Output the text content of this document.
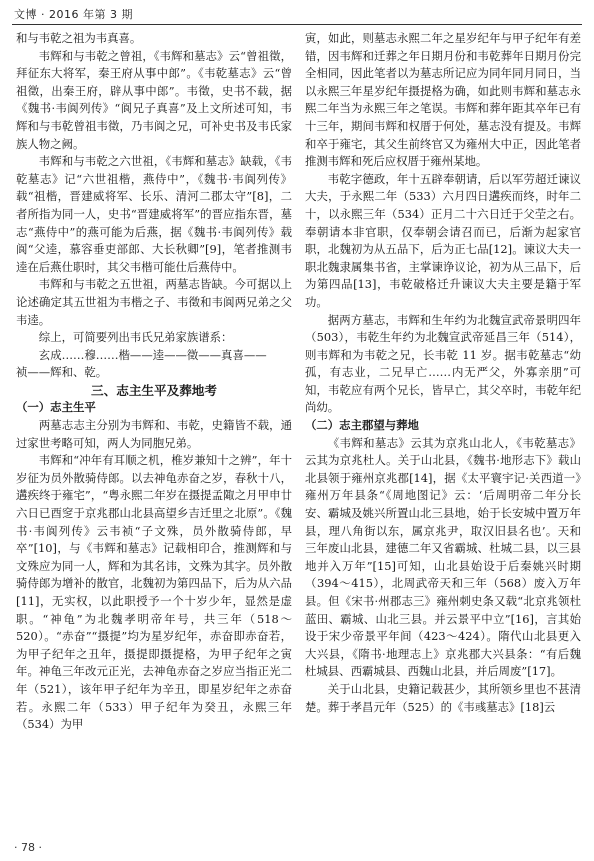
文博 · 2016 年第 3 期

和与韦乾之祖为韦真喜。

韦辉和与韦乾之曾祖，《韦辉和墓志》云“曾祖徵，拜征东大将军，秦王府从事中郎”。《韦乾墓志》云“曾祖徵，出秦王府，辟从事中郎”。韦徵，史书不载，据《魏书·韦阆列传》“阆兄子真喜”及上文所述可知，韦辉和与韦乾曾祖韦徵，乃韦阆之兄，可补史书及韦氏家族人物之阙。

韦辉和与韦乾之六世祖，《韦辉和墓志》缺载，《韦乾墓志》记“六世祖楷，燕侍中”，《魏书·韦阆列传》载“祖楷，晋建威将军、长乐、清河二郡太守”[8]，二者所指为同一人，史书“晋建威将军”的晋应指东晋，墓志“燕侍中”的燕可能为后燕，据《魏书·韦阆列传》载阆“父逵，慕容垂吏部郎、大长秋卿”[9]，笔者推测韦逵在后燕仕职时，其父韦楷可能仕后燕侍中。

韦辉和与韦乾之五世祖，两墓志皆缺。今可据以上论述确定其五世祖为韦楷之子、韦徵和韦阆两兄弟之父韦逵。

综上，可简要列出韦氏兄弟家族谱系：

玄成……穆……楷——逵——徵——真喜——

祯——辉和、乾。

三、志主生平及葬地考

（一）志主生平

两墓志志主分别为韦辉和、韦乾，史籍皆不载，通过家世考略可知，两人为同胞兄弟。

韦辉和“冲年有耳顺之机，椎岁兼知十之辨”，年十岁征为员外散骑侍郎。以去神龟赤奋之岁，春秋十八，遘疾终于雍宅”，“粤永熙二年岁在摄提孟陬之月甲申廿六日已酉窆于京兆郡山北县高望乡吉迁里之北原”。《魏书·韦阆列传》云韦祯“子文殊，员外散骑侍郎，早卒”[10]，与《韦辉和墓志》记载相印合，推测辉和与文殊应为同一人，辉和为其名讳，文殊为其字。员外散骑侍郎为增补的散官，北魏初为第四品下，后为从六品[11]，无实权，以此职授予一个十岁少年，显然是虚职。“神龟”为北魏孝明帝年号，共三年（518～520）。“赤奋”“摄提”均为星岁纪年，赤奋即赤奋若，为甲子纪年之丑年，摄提即摄提格，为甲子纪年之寅年。神龟三年改元正光，去神龟赤奋之岁应当指正光二年（521），该年甲子纪年为辛丑，即星岁纪年之赤奋若。永熙二年（533）甲子纪年为癸丑，永熙三年（534）为甲

寅，如此，则墓志永熙二年之星岁纪年与甲子纪年有差错，因韦辉和迁葬之年日期月份和韦乾葬年日期月份完全相同，因此笔者以为墓志所记应为同年同月同日，当以永熙三年星岁纪年摄提格为确，如此则韦辉和墓志永熙二年当为永熙三年之笔误。韦辉和葬年距其卒年已有十三年，期间韦辉和权厝于何处，墓志没有提及。韦辉和卒于雍宅，其父生前终官又为雍州大中正，因此笔者推测韦辉和死后应权厝于雍州某地。

韦乾字德政，年十五辟奉朝请，后以军劳超迁谏议大夫，于永熙二年（533）六月四日遘疾而终，时年二十，以永熙三年（534）正月二十六日迁于父茔之右。奉朝请本非官职，仅奉朝会请召而已，后渐为起家官职，北魏初为从五品下，后为正七品[12]。谏议大夫一职北魏隶属集书省，主掌谏诤议论，初为从三品下，后为第四品[13]，韦乾破格迁升谏议大夫主要是籍于军功。

据两方墓志，韦辉和生年约为北魏宣武帝景明四年（503），韦乾生年约为北魏宣武帝延昌三年（514），则韦辉和为韦乾之兄，长韦乾 11 岁。据韦乾墓志“幼孤，有志业，二兄早亡……内无严父，外寡亲朋”可知，韦乾应有两个兄长，皆早亡，其父卒时，韦乾年纪尚幼。

（二）志主郡望与葬地

《韦辉和墓志》云其为京兆山北人，《韦乾墓志》云其为京兆杜人。关于山北县，《魏书·地形志下》载山北县领于雍州京兆郡[14]，据《太平寰宇记·关西道一》雍州万年县条“《周地图记》云：‘后周明帝二年分长安、霸城及姚兴所置山北三县地，始于长安城中置万年县，理八角街以东，属京兆尹，取汉旧县名也’。天和三年废山北县，建德二年又省霸城、杜城二县，以三县地并入万年”[15]可知，山北县始设于后秦姚兴时期（394～415），北周武帝天和三年（568）废入万年县。但《宋书·州郡志三》雍州刺史条又载“北京兆领杜蓝田、霸城、山北三县。并云景平中立”[16]，言其始设于宋少帝景平年间（423～424）。隋代山北县更入大兴县，《隋书·地理志上》京兆郡大兴县条：“有后魏杜城县、西霸城县、西魏山北县，并后周废”[17]。

关于山北县，史籍记载甚少，其所领乡里也不甚清楚。葬于孝昌元年（525）的《韦彧墓志》[18]云

· 78 ·
